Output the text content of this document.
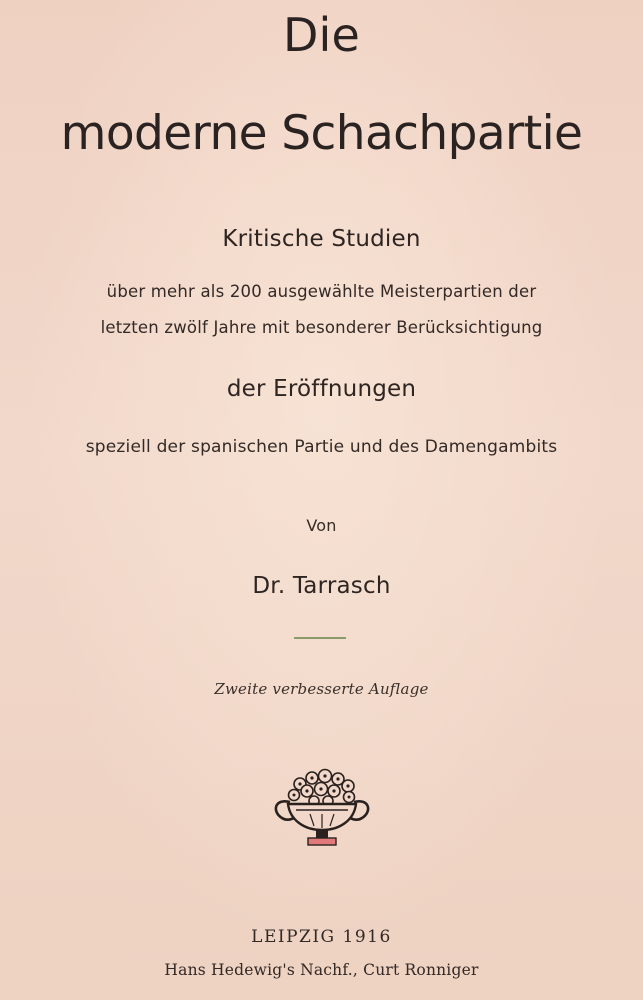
Die
moderne Schachpartie
Kritische Studien
über mehr als 200 ausgewählte Meisterpartien der
letzten zwölf Jahre mit besonderer Berücksichtigung
der Eröffnungen
speziell der spanischen Partie und des Damengambits
Von
Dr. Tarrasch
Zweite verbesserte Auflage
LEIPZIG 1916
Hans Hedewig's Nachf., Curt Ronniger
